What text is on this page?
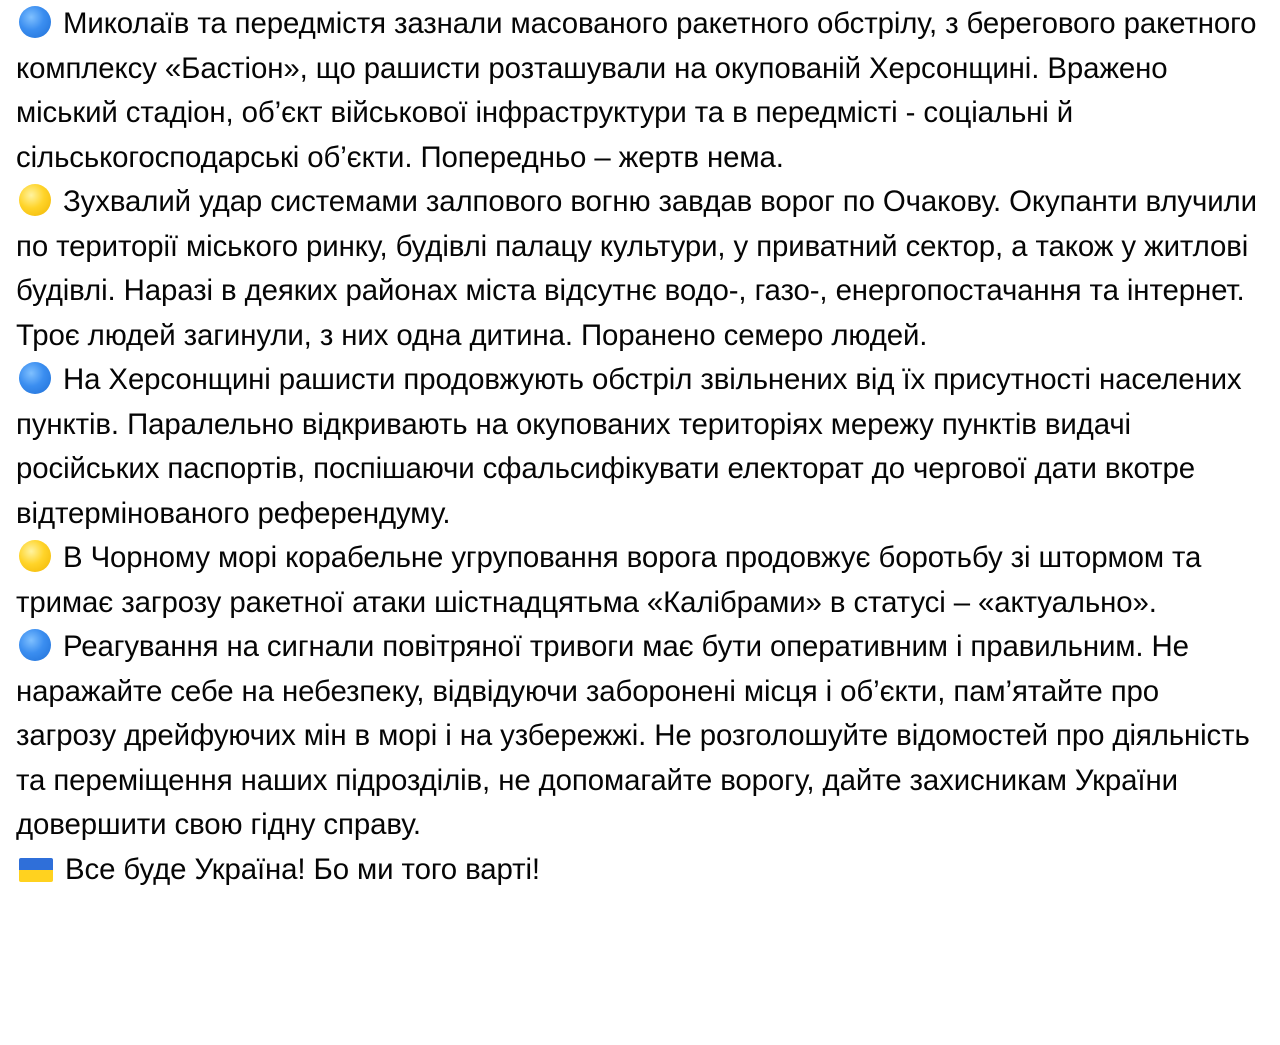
Миколаїв та передмістя зазнали масованого ракетного обстрілу, з берегового ракетного комплексу «Бастіон», що рашисти розташували на окупованій Херсонщині. Вражено міський стадіон, об’єкт військової інфраструктури та в передмісті - соціальні й сільськогосподарські об’єкти. Попередньо – жертв нема.

Зухвалий удар системами залпового вогню завдав ворог по Очакову. Окупанти влучили по території міського ринку, будівлі палацу культури, у приватний сектор, а також у житлові будівлі. Наразі в деяких районах міста відсутнє водо-, газо-, енергопостачання та інтернет. Троє людей загинули, з них одна дитина. Поранено семеро людей.

На Херсонщині рашисти продовжують обстріл звільнених від їх присутності населених пунктів. Паралельно відкривають на окупованих територіях мережу пунктів видачі російських паспортів, поспішаючи сфальсифікувати електорат до чергової дати вкотре відтермінованого референдуму.

В Чорному морі корабельне угруповання ворога продовжує боротьбу зі штормом та тримає загрозу ракетної атаки шістнадцятьма «Калібрами» в статусі – «актуально».

Реагування на сигнали повітряної тривоги має бути оперативним і правильним. Не наражайте себе на небезпеку, відвідуючи заборонені місця і об’єкти, пам’ятайте про загрозу дрейфуючих мін в морі і на узбережжі. Не розголошуйте відомостей про діяльність та переміщення наших підрозділів, не допомагайте ворогу, дайте захисникам України довершити свою гідну справу.

Все буде Україна! Бо ми того варті!
